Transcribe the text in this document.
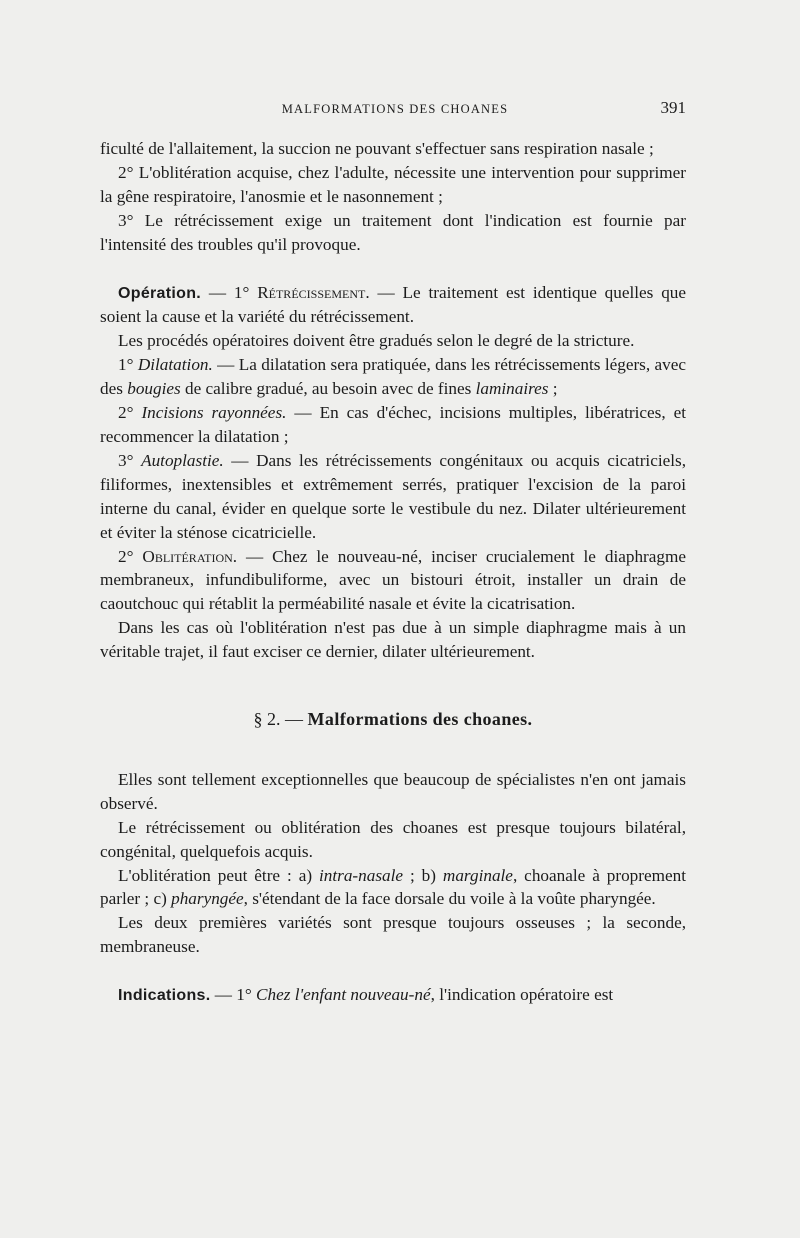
MALFORMATIONS DES CHOANES	391

ficulté de l'allaitement, la succion ne pouvant s'effectuer sans respiration nasale ;

2° L'oblitération acquise, chez l'adulte, nécessite une intervention pour supprimer la gêne respiratoire, l'anosmie et le nasonnement ;

3° Le rétrécissement exige un traitement dont l'indication est fournie par l'intensité des troubles qu'il provoque.

Opération. — 1° Rétrécissement. — Le traitement est identique quelles que soient la cause et la variété du rétrécissement.

Les procédés opératoires doivent être gradués selon le degré de la stricture.

1° Dilatation. — La dilatation sera pratiquée, dans les rétrécissements légers, avec des bougies de calibre gradué, au besoin avec de fines laminaires ;

2° Incisions rayonnées. — En cas d'échec, incisions multiples, libératrices, et recommencer la dilatation ;

3° Autoplastie. — Dans les rétrécissements congénitaux ou acquis cicatriciels, filiformes, inextensibles et extrêmement serrés, pratiquer l'excision de la paroi interne du canal, évider en quelque sorte le vestibule du nez. Dilater ultérieurement et éviter la sténose cicatricielle.

2° Oblitération. — Chez le nouveau-né, inciser crucialement le diaphragme membraneux, infundibuliforme, avec un bistouri étroit, installer un drain de caoutchouc qui rétablit la perméabilité nasale et évite la cicatrisation.

Dans les cas où l'oblitération n'est pas due à un simple diaphragme mais à un véritable trajet, il faut exciser ce dernier, dilater ultérieurement.

§ 2. — Malformations des choanes.

Elles sont tellement exceptionnelles que beaucoup de spécialistes n'en ont jamais observé.

Le rétrécissement ou oblitération des choanes est presque toujours bilatéral, congénital, quelquefois acquis.

L'oblitération peut être : a) intra-nasale ; b) marginale, choanale à proprement parler ; c) pharyngée, s'étendant de la face dorsale du voile à la voûte pharyngée.

Les deux premières variétés sont presque toujours osseuses ; la seconde, membraneuse.

Indications. — 1° Chez l'enfant nouveau-né, l'indication opératoire est
